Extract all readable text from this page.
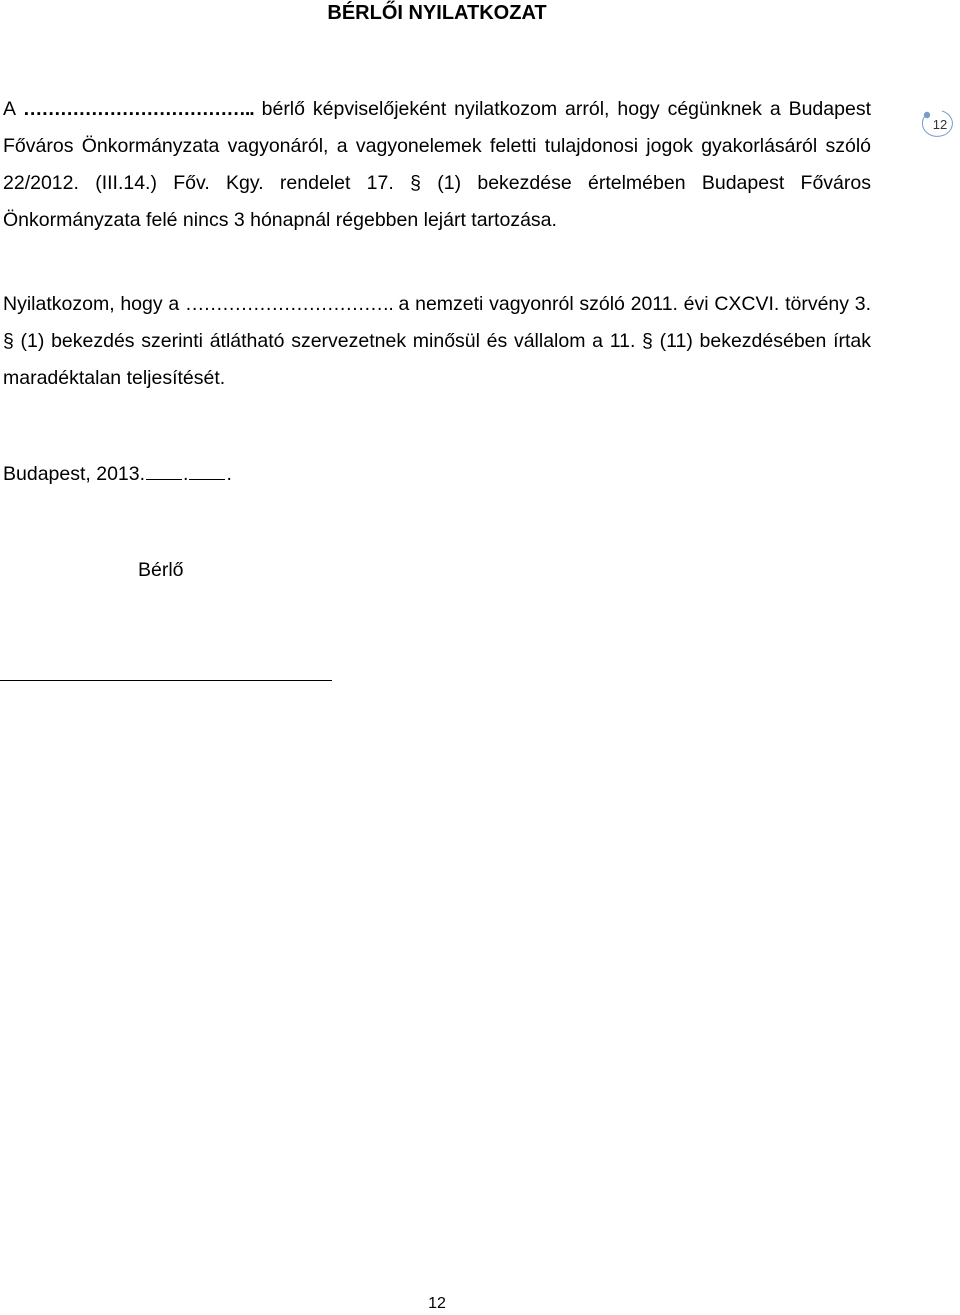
BÉRLŐI NYILATKOZAT
12
A ……………………………….. bérlő képviselőjeként nyilatkozom arról, hogy cégünknek a Budapest Főváros Önkormányzata vagyonáról, a vagyonelemek feletti tulajdonosi jogok gyakorlásáról szóló 22/2012. (III.14.) Főv. Kgy. rendelet 17. § (1) bekezdése értelmében Budapest Főváros Önkormányzata felé nincs 3 hónapnál régebben lejárt tartozása.
Nyilatkozom, hogy a ……………………………. a nemzeti vagyonról szóló 2011. évi CXCVI. törvény 3. § (1) bekezdés szerinti átlátható szervezetnek minősül és vállalom a 11. § (11) bekezdésében írtak maradéktalan teljesítését.
Budapest, 2013. . .
Bérlő
12
